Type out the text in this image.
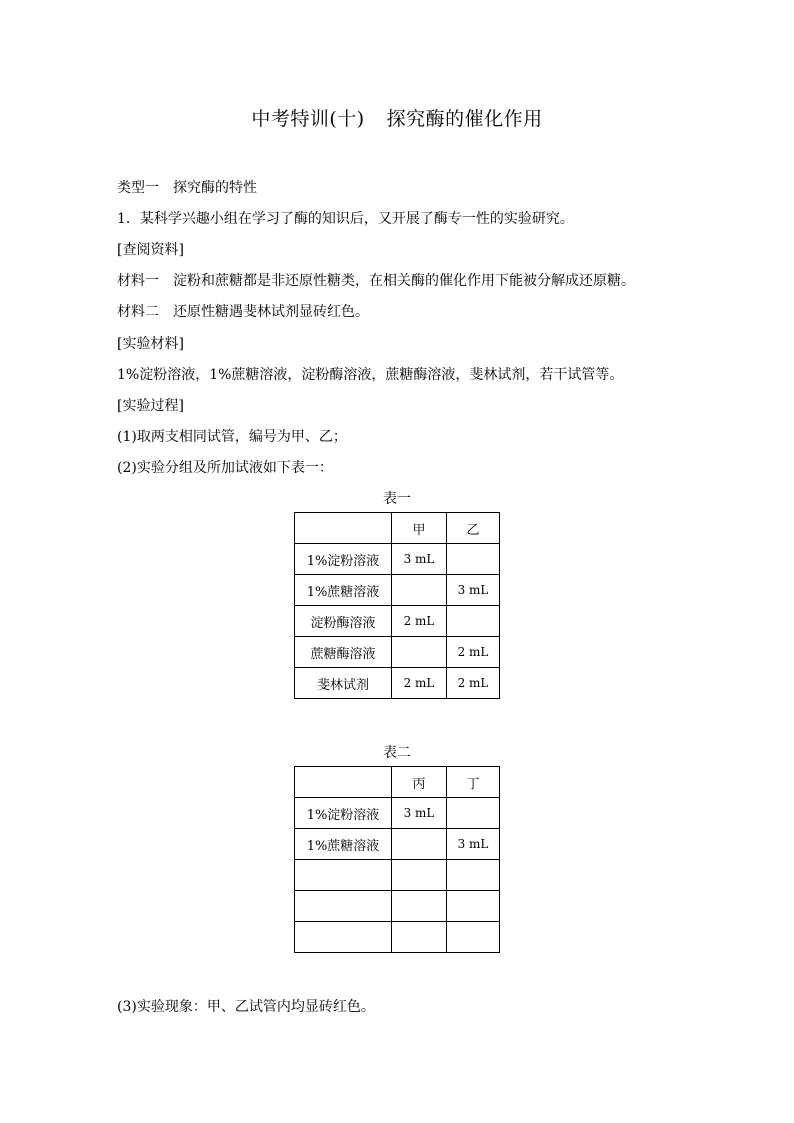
中考特训(十) 探究酶的催化作用
类型一 探究酶的特性
1．某科学兴趣小组在学习了酶的知识后，又开展了酶专一性的实验研究。
[查阅资料]
材料一 淀粉和蔗糖都是非还原性糖类，在相关酶的催化作用下能被分解成还原糖。
材料二 还原性糖遇斐林试剂显砖红色。
[实验材料]
1%淀粉溶液，1%蔗糖溶液，淀粉酶溶液，蔗糖酶溶液，斐林试剂，若干试管等。
[实验过程]
(1)取两支相同试管，编号为甲、乙；
(2)实验分组及所加试液如下表一：
表一
	甲	乙
1%淀粉溶液	3 mL	
1%蔗糖溶液		3 mL
淀粉酶溶液	2 mL	
蔗糖酶溶液		2 mL
斐林试剂	2 mL	2 mL
表二
	丙	丁
1%淀粉溶液	3 mL	
1%蔗糖溶液		3 mL

(3)实验现象：甲、乙试管内均显砖红色。
